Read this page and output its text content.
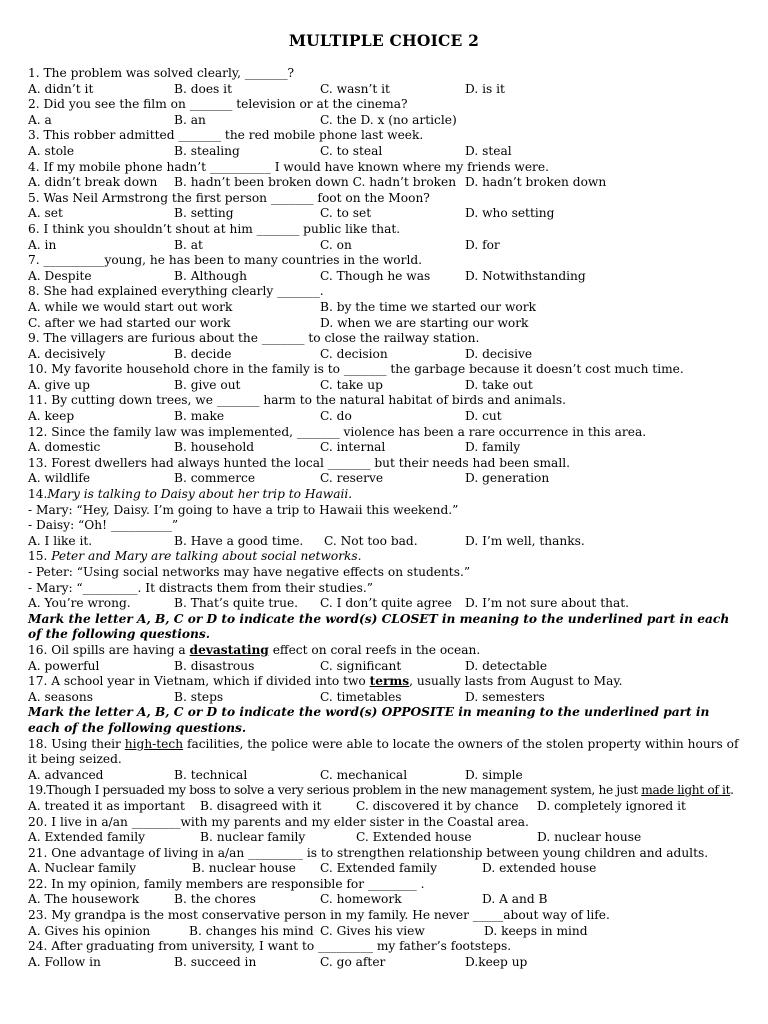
MULTIPLE CHOICE 2
1. The problem was solved clearly, _______?
A. didn’t it	B. does it	C. wasn’t it	D. is it
2. Did you see the film on _______ television or at the cinema?
A. a	B. an	C. the D. x (no article)
3. This robber admitted _______ the red mobile phone last week.
A. stole	B. stealing	C. to steal	D. steal
4. If my mobile phone hadn’t __________ I would have known where my friends were.
A. didn’t break down B. hadn’t been broken down C. hadn’t broken D. hadn’t broken down
5. Was Neil Armstrong the first person _______ foot on the Moon?
A. set	B. setting	C. to set	D. who setting
6. I think you shouldn’t shout at him _______ public like that.
A. in	B. at	C. on	D. for
7. __________young, he has been to many countries in the world.
A. Despite	B. Although	C. Though he was	D. Notwithstanding
8. She had explained everything clearly _______.
A. while we would start out work	B. by the time we started our work
C. after we had started our work	D. when we are starting our work
9. The villagers are furious about the _______ to close the railway station.
A. decisively	B. decide	C. decision	D. decisive
10. My favorite household chore in the family is to _______ the garbage because it doesn’t cost much time.
A. give up	B. give out	C. take up	D. take out
11. By cutting down trees, we _______ harm to the natural habitat of birds and animals.
A. keep	B. make	C. do	D. cut
12. Since the family law was implemented, _______ violence has been a rare occurrence in this area.
A. domestic	B. household	C. internal	D. family
13. Forest dwellers had always hunted the local _______ but their needs had been small.
A. wildlife	B. commerce	C. reserve	D. generation
14.Mary is talking to Daisy about her trip to Hawaii.
- Mary: “Hey, Daisy. I’m going to have a trip to Hawaii this weekend.”
- Daisy: “Oh! __________”
A. I like it.	B. Have a good time. C. Not too bad.	D. I’m well, thanks.
15. Peter and Mary are talking about social networks.
- Peter: “Using social networks may have negative effects on students.”
- Mary: “_________. It distracts them from their studies.”
A. You’re wrong.	B. That’s quite true. C. I don’t quite agree D. I’m not sure about that.
Mark the letter A, B, C or D to indicate the word(s) CLOSET in meaning to the underlined part in each of the following questions.
16. Oil spills are having a devastating effect on coral reefs in the ocean.
A. powerful	B. disastrous	C. significant	D. detectable
17. A school year in Vietnam, which if divided into two terms, usually lasts from August to May.
A. seasons	B. steps	C. timetables	D. semesters
Mark the letter A, B, C or D to indicate the word(s) OPPOSITE in meaning to the underlined part in each of the following questions.
18. Using their high-tech facilities, the police were able to locate the owners of the stolen property within hours of it being seized.
A. advanced	B. technical	C. mechanical	D. simple
19.Though I persuaded my boss to solve a very serious problem in the new management system, he just made light of it.
A. treated it as important B. disagreed with it	C. discovered it by chance D. completely ignored it
20. I live in a/an ________with my parents and my elder sister in the Coastal area.
A. Extended family	B. nuclear family	C. Extended house	D. nuclear house
21. One advantage of living in a/an _________ is to strengthen relationship between young children and adults.
A. Nuclear family	B. nuclear house C. Extended family	D. extended house
22. In my opinion, family members are responsible for ________ .
A. The housework	B. the chores	C. homework	D. A and B
23. My grandpa is the most conservative person in my family. He never _____about way of life.
A. Gives his opinion	B. changes his mind C. Gives his view	D. keeps in mind
24. After graduating from university, I want to _________ my father’s footsteps.
A. Follow in	B. succeed in	C. go after	D.keep up
